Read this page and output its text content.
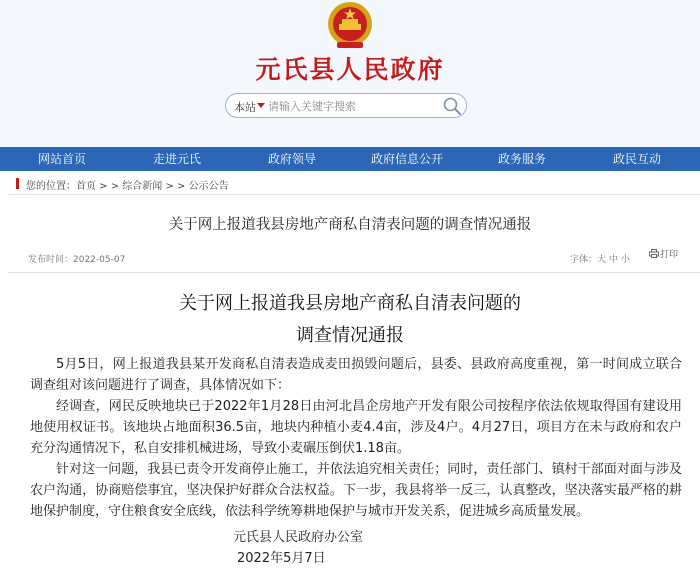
元氏县人民政府
本站
请输入关键字搜索
网站首页	走进元氏	政府领导	政府信息公开	政务服务	政民互动
您的位置：首页 > > 综合新闻 > > 公示公告
关于网上报道我县房地产商私自清表问题的调查情况通报
发布时间：2022-05-07	字体：大 中 小	打印
关于网上报道我县房地产商私自清表问题的
调查情况通报
5月5日，网上报道我县某开发商私自清表造成麦田损毁问题后，县委、县政府高度重视，第一时间成立联合调查组对该问题进行了调查，具体情况如下：
经调查，网民反映地块已于2022年1月28日由河北昌企房地产开发有限公司按程序依法依规取得国有建设用地使用权证书。该地块占地面积36.5亩，地块内种植小麦4.4亩，涉及4户。4月27日，项目方在未与政府和农户充分沟通情况下，私自安排机械进场，导致小麦碾压倒伏1.18亩。
针对这一问题，我县已责令开发商停止施工，并依法追究相关责任；同时，责任部门、镇村干部面对面与涉及农户沟通，协商赔偿事宜，坚决保护好群众合法权益。下一步，我县将举一反三，认真整改，坚决落实最严格的耕地保护制度，守住粮食安全底线，依法科学统筹耕地保护与城市开发关系，促进城乡高质量发展。
元氏县人民政府办公室
2022年5月7日
